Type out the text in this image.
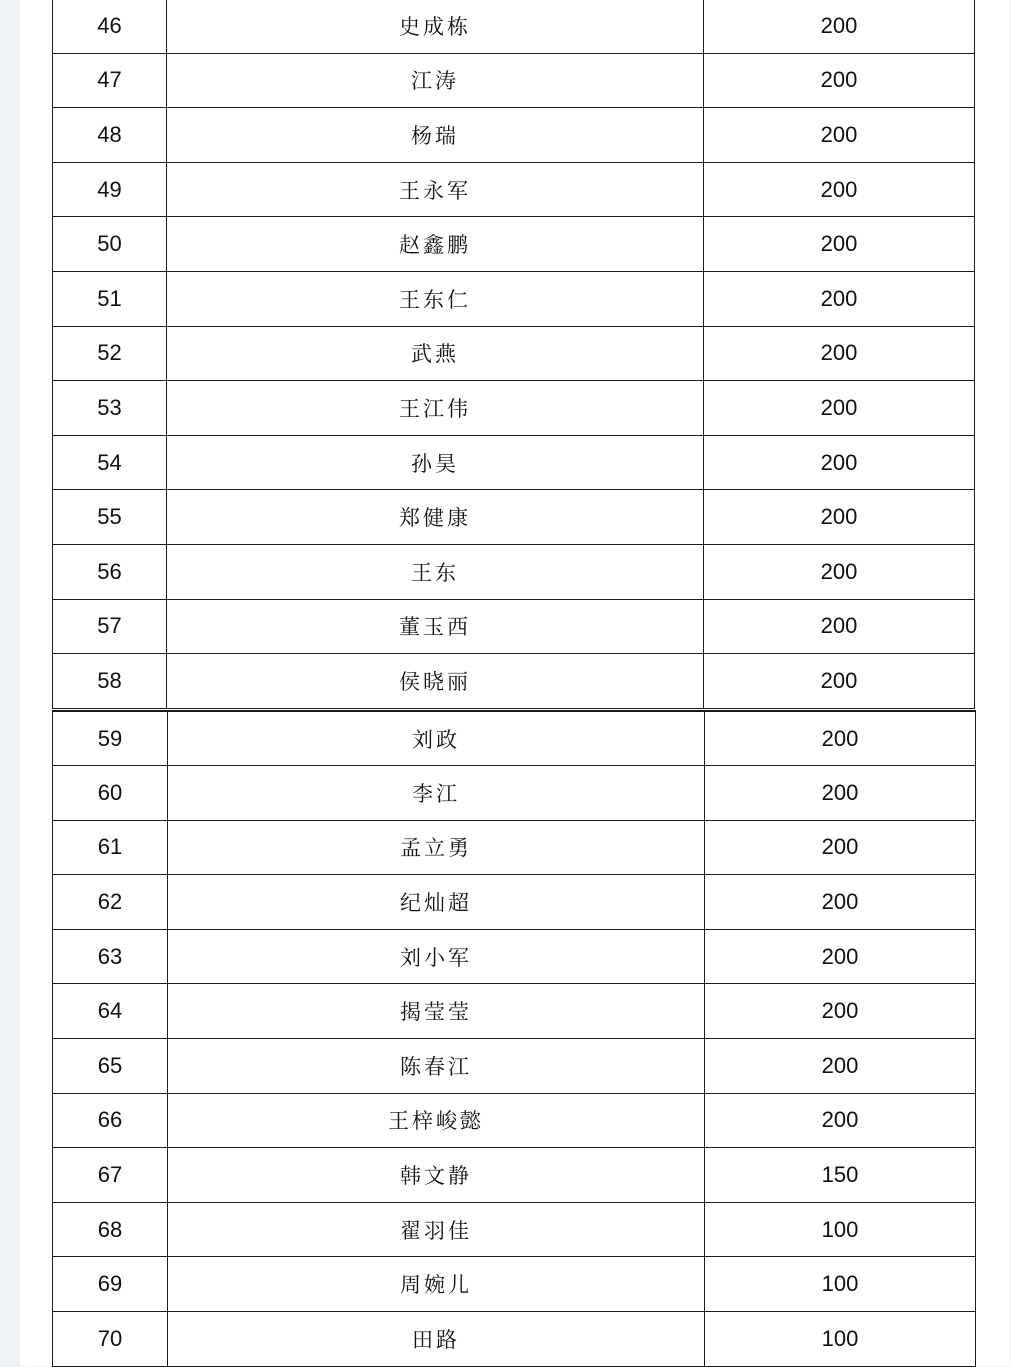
46	史成栋	200
47	江涛	200
48	杨瑞	200
49	王永军	200
50	赵鑫鹏	200
51	王东仁	200
52	武燕	200
53	王江伟	200
54	孙昊	200
55	郑健康	200
56	王东	200
57	董玉西	200
58	侯晓丽	200
59	刘政	200
60	李江	200
61	孟立勇	200
62	纪灿超	200
63	刘小军	200
64	揭莹莹	200
65	陈春江	200
66	王梓峻懿	200
67	韩文静	150
68	翟羽佳	100
69	周婉儿	100
70	田路	100
